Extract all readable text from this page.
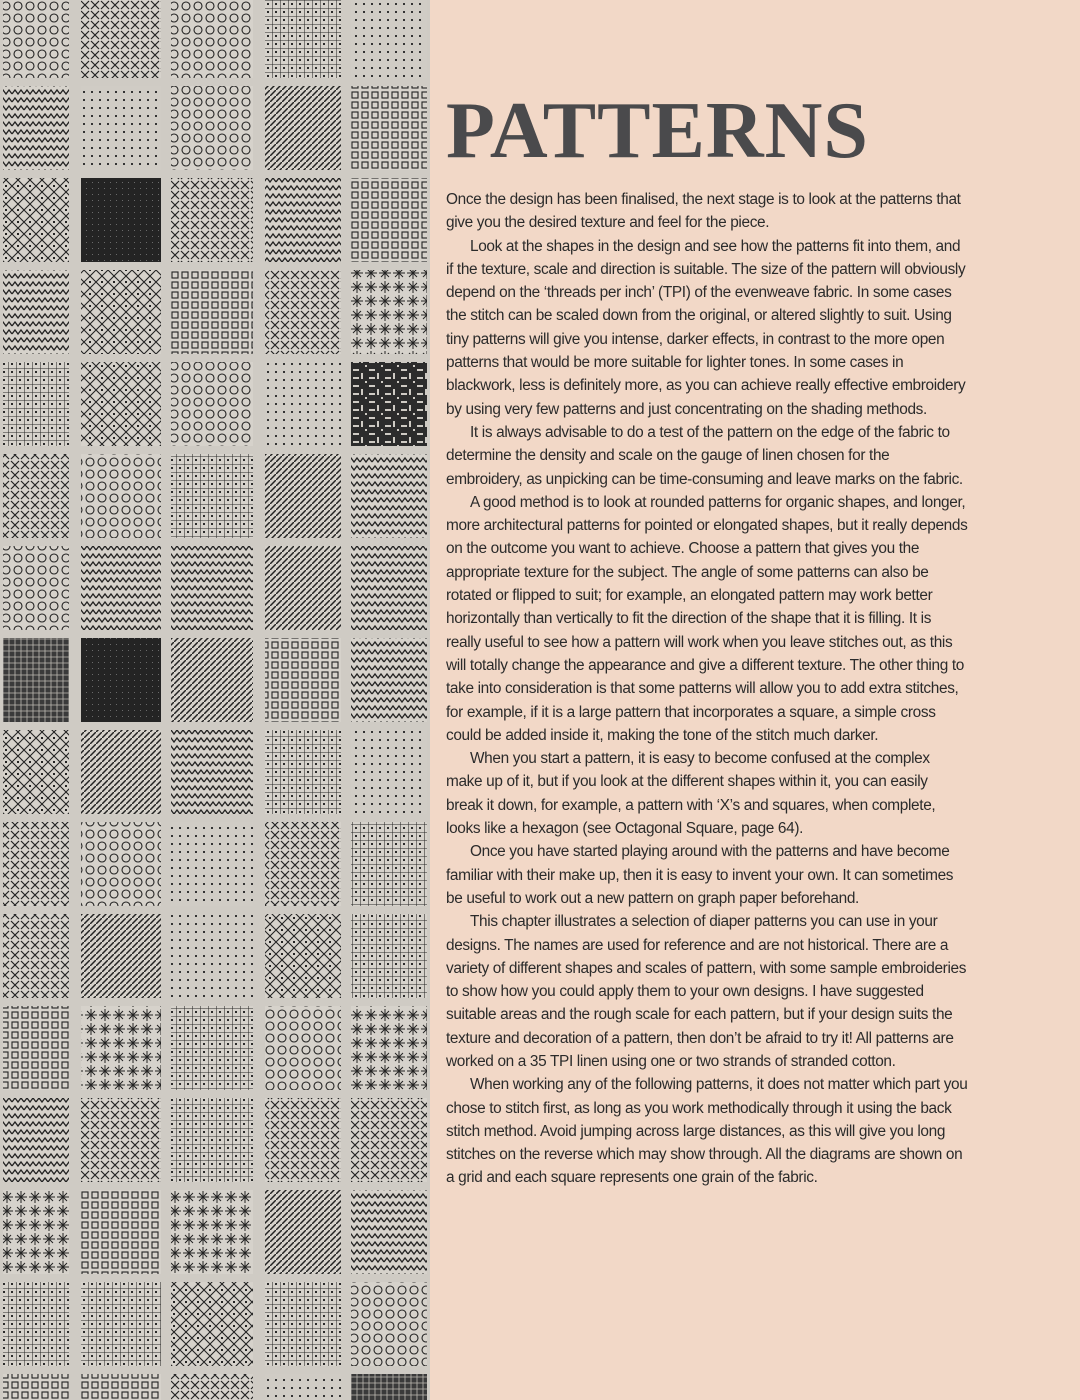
PATTERNS

Once the design has been finalised, the next stage is to look at the patterns that give you the desired texture and feel for the piece.

Look at the shapes in the design and see how the patterns fit into them, and if the texture, scale and direction is suitable. The size of the pattern will obviously depend on the ‘threads per inch’ (TPI) of the evenweave fabric. In some cases the stitch can be scaled down from the original, or altered slightly to suit. Using tiny patterns will give you intense, darker effects, in contrast to the more open patterns that would be more suitable for lighter tones. In some cases in blackwork, less is definitely more, as you can achieve really effective embroidery by using very few patterns and just concentrating on the shading methods.

It is always advisable to do a test of the pattern on the edge of the fabric to determine the density and scale on the gauge of linen chosen for the embroidery, as unpicking can be time-consuming and leave marks on the fabric.

A good method is to look at rounded patterns for organic shapes, and longer, more architectural patterns for pointed or elongated shapes, but it really depends on the outcome you want to achieve. Choose a pattern that gives you the appropriate texture for the subject. The angle of some patterns can also be rotated or flipped to suit; for example, an elongated pattern may work better horizontally than vertically to fit the direction of the shape that it is filling. It is really useful to see how a pattern will work when you leave stitches out, as this will totally change the appearance and give a different texture. The other thing to take into consideration is that some patterns will allow you to add extra stitches, for example, if it is a large pattern that incorporates a square, a simple cross could be added inside it, making the tone of the stitch much darker.

When you start a pattern, it is easy to become confused at the complex make up of it, but if you look at the different shapes within it, you can easily break it down, for example, a pattern with ‘X’s and squares, when complete, looks like a hexagon (see Octagonal Square, page 64).

Once you have started playing around with the patterns and have become familiar with their make up, then it is easy to invent your own. It can sometimes be useful to work out a new pattern on graph paper beforehand.

This chapter illustrates a selection of diaper patterns you can use in your designs. The names are used for reference and are not historical. There are a variety of different shapes and scales of pattern, with some sample embroideries to show how you could apply them to your own designs. I have suggested suitable areas and the rough scale for each pattern, but if your design suits the texture and decoration of a pattern, then don’t be afraid to try it! All patterns are worked on a 35 TPI linen using one or two strands of stranded cotton.

When working any of the following patterns, it does not matter which part you chose to stitch first, as long as you work methodically through it using the back stitch method. Avoid jumping across large distances, as this will give you long stitches on the reverse which may show through. All the diagrams are shown on a grid and each square represents one grain of the fabric.
